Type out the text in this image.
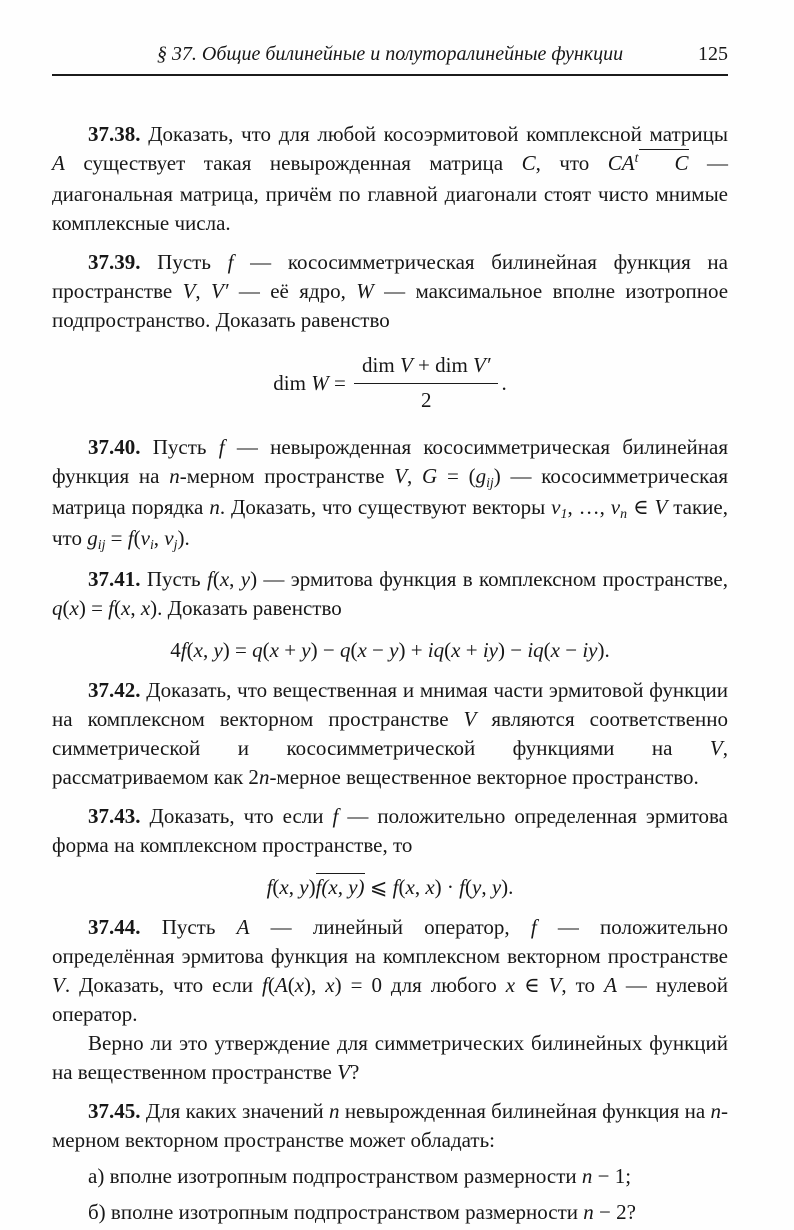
§ 37. Общие билинейные и полуторалинейные функции	125

37.38. Доказать, что для любой косоэрмитовой комплексной матрицы A существует такая невырожденная матрица C, что $CA^t$ C — диагональная матрица, причём по главной диагонали стоят чисто мнимые комплексные числа.

37.39. Пусть f — кососимметрическая билинейная функция на пространстве V, V′ — её ядро, W — максимальное вполне изотропное подпространство. Доказать равенство

dim $W = \frac{\text{dim V + dim V′}}{2}$ .

37.40. Пусть f — невырожденная кососимметрическая билинейная функция на n-мерном пространстве V, G = (gij) — кососимметрическая матрица порядка n. Доказать, что существуют векторы v1, …, vn ∈ V такие, что gij = f(vi, vj).

37.41. Пусть f(x, y) — эрмитова функция в комплексном пространстве, q(x) = f(x, x). Доказать равенство

4f(x, y) = q(x + y) − q(x − y) + iq(x + iy) − iq(x − iy).

37.42. Доказать, что вещественная и мнимая части эрмитовой функции на комплексном векторном пространстве V являются соответственно симметрической и кососимметрической функциями на V, рассматриваемом как 2n-мерное вещественное векторное пространство.

37.43. Доказать, что если f — положительно определенная эрмитова форма на комплексном пространстве, то

f(x, y)f(x, y) ⩽ f(x, x) · f(y, y).

37.44. Пусть A — линейный оператор, f — положительно определённая эрмитова функция на комплексном векторном пространстве V. Доказать, что если f(A(x), x) = 0 для любого x ∈ V, то A — нулевой оператор.

Верно ли это утверждение для симметрических билинейных функций на вещественном пространстве V?

37.45. Для каких значений n невырожденная билинейная функция на n-мерном векторном пространстве может обладать:

а) вполне изотропным подпространством размерности n − 1;

б) вполне изотропным подпространством размерности n − 2?
